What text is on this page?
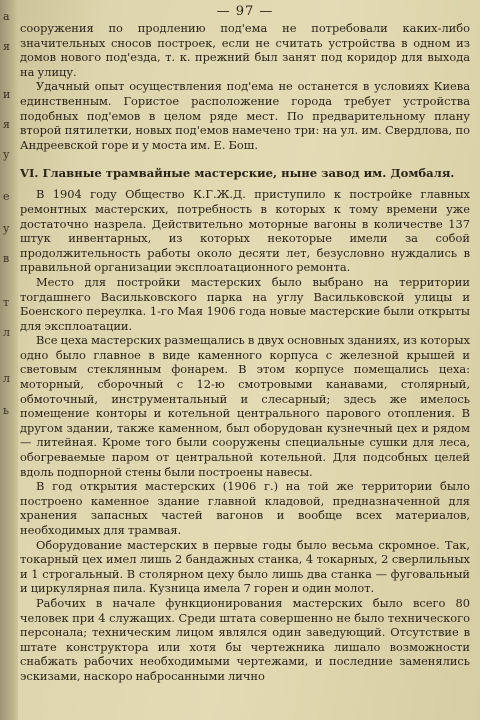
а
я
и
я
у
е
у
в
т
л
л
ь
— 97 —

сооружения по продлению под'ема не потребовали каких-либо значительных сносов построек, если не считать устройства в одном из домов нового под'езда, т. к. прежний был занят под коридор для выхода на улицу.

Удачный опыт осуществления под'ема не останется в условиях Киева единственным. Гористое расположение города требует устройства подобных под'емов в целом ряде мест. По предварительному плану второй пятилетки, новых под'емов намечено три: на ул. им. Свердлова, по Андреевской горе и у моста им. Е. Бош.

VI. Главные трамвайные мастерские, ныне завод им. Домбаля.

В 1904 году Общество К.Г.Ж.Д. приступило к постройке главных ремонтных мастерских, потребность в которых к тому времени уже достаточно назрела. Действительно моторные вагоны в количестве 137 штук инвентарных, из которых некоторые имели за собой продолжительность работы около десяти лет, безусловно нуждались в правильной организации эксплоатационного ремонта.

Место для постройки мастерских было выбрано на территории тогдашнего Васильковского парка на углу Васильковской улицы и Боенского переулка. 1-го Мая 1906 года новые мастерские были открыты для эксплоатации.

Все цеха мастерских размещались в двух основных зданиях, из которых одно было главное в виде каменного корпуса с железной крышей и световым стеклянным фонарем. В этом корпусе помещались цеха: моторный, сборочный с 12-ю смотровыми канавами, столярный, обмоточный, инструментальный и слесарный; здесь же имелось помещение конторы и котельной центрального парового отопления. В другом здании, также каменном, был оборудован кузнечный цех и рядом — литейная. Кроме того были сооружены специальные сушки для леса, обогреваемые паром от центральной котельной. Для подсобных целей вдоль подпорной стены были построены навесы.

В год открытия мастерских (1906 г.) на той же территории было построено каменное здание главной кладовой, предназначенной для хранения запасных частей вагонов и вообще всех материалов, необходимых для трамвая.

Оборудование мастерских в первые годы было весьма скромное. Так, токарный цех имел лишь 2 бандажных станка, 4 токарных, 2 сверлильных и 1 строгальный. В столярном цеху было лишь два станка — фуговальный и циркулярная пила. Кузница имела 7 горен и один молот.

Рабочих в начале функционирования мастерских было всего 80 человек при 4 служащих. Среди штата совершенно не было технического персонала; техническим лицом являлся один заведующий. Отсутствие в штате конструктора или хотя бы чертежника лишало возможности снабжать рабочих необходимыми чертежами, и последние заменялись эскизами, наскоро набросанными лично
